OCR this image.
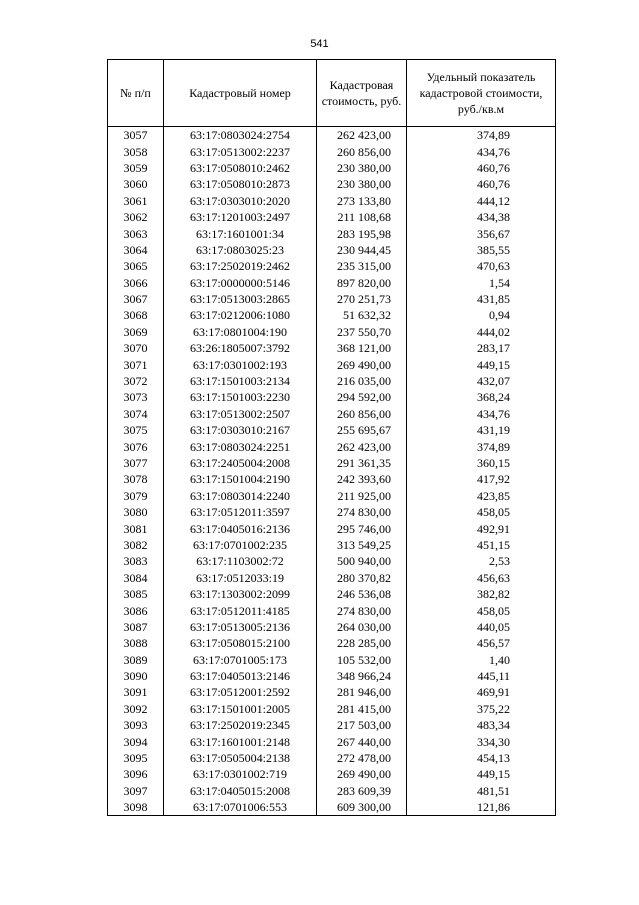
541
№ п/п	Кадастровый номер	Кадастровая стоимость, руб.	Удельный показатель кадастровой стоимости, руб./кв.м
3057	63:17:0803024:2754	262 423,00	374,89
3058	63:17:0513002:2237	260 856,00	434,76
3059	63:17:0508010:2462	230 380,00	460,76
3060	63:17:0508010:2873	230 380,00	460,76
3061	63:17:0303010:2020	273 133,80	444,12
3062	63:17:1201003:2497	211 108,68	434,38
3063	63:17:1601001:34	283 195,98	356,67
3064	63:17:0803025:23	230 944,45	385,55
3065	63:17:2502019:2462	235 315,00	470,63
3066	63:17:0000000:5146	897 820,00	1,54
3067	63:17:0513003:2865	270 251,73	431,85
3068	63:17:0212006:1080	51 632,32	0,94
3069	63:17:0801004:190	237 550,70	444,02
3070	63:26:1805007:3792	368 121,00	283,17
3071	63:17:0301002:193	269 490,00	449,15
3072	63:17:1501003:2134	216 035,00	432,07
3073	63:17:1501003:2230	294 592,00	368,24
3074	63:17:0513002:2507	260 856,00	434,76
3075	63:17:0303010:2167	255 695,67	431,19
3076	63:17:0803024:2251	262 423,00	374,89
3077	63:17:2405004:2008	291 361,35	360,15
3078	63:17:1501004:2190	242 393,60	417,92
3079	63:17:0803014:2240	211 925,00	423,85
3080	63:17:0512011:3597	274 830,00	458,05
3081	63:17:0405016:2136	295 746,00	492,91
3082	63:17:0701002:235	313 549,25	451,15
3083	63:17:1103002:72	500 940,00	2,53
3084	63:17:0512033:19	280 370,82	456,63
3085	63:17:1303002:2099	246 536,08	382,82
3086	63:17:0512011:4185	274 830,00	458,05
3087	63:17:0513005:2136	264 030,00	440,05
3088	63:17:0508015:2100	228 285,00	456,57
3089	63:17:0701005:173	105 532,00	1,40
3090	63:17:0405013:2146	348 966,24	445,11
3091	63:17:0512001:2592	281 946,00	469,91
3092	63:17:1501001:2005	281 415,00	375,22
3093	63:17:2502019:2345	217 503,00	483,34
3094	63:17:1601001:2148	267 440,00	334,30
3095	63:17:0505004:2138	272 478,00	454,13
3096	63:17:0301002:719	269 490,00	449,15
3097	63:17:0405015:2008	283 609,39	481,51
3098	63:17:0701006:553	609 300,00	121,86
